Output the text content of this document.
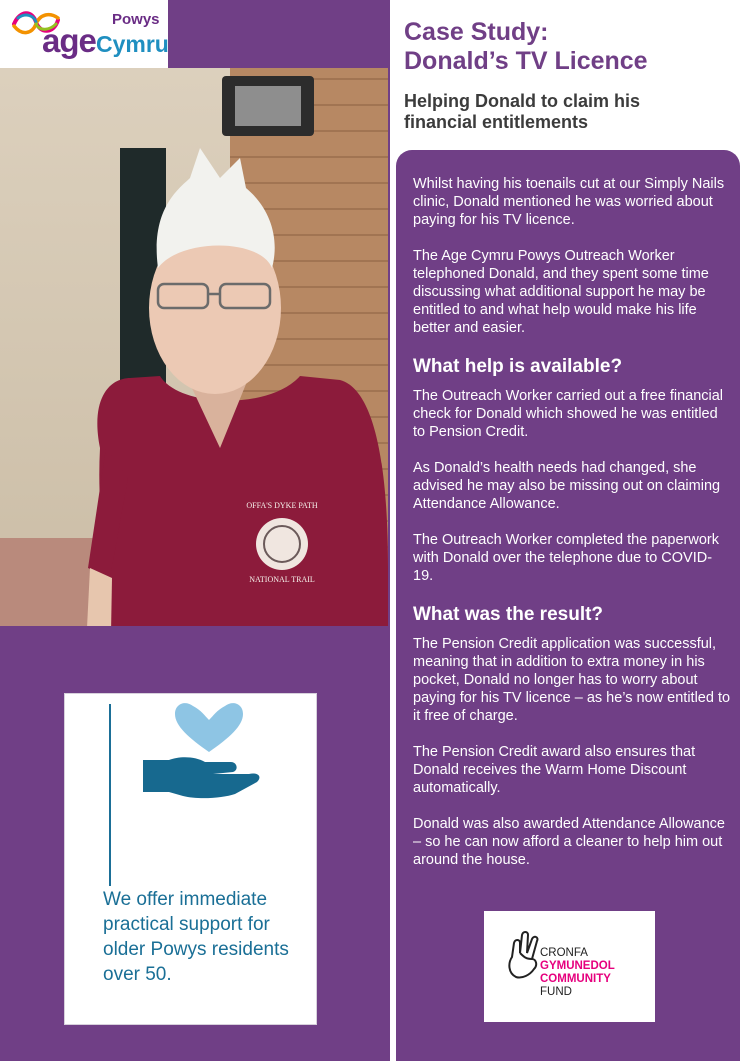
Powys
age Cymru
OFFA'S DYKE PATH
NATIONAL TRAIL
We offer immediate practical support for older Powys residents over 50.
Case Study:
Donald’s TV Licence
Helping Donald to claim his
financial entitlements

Whilst having his toenails cut at our Simply Nails clinic, Donald mentioned he was worried about paying for his TV licence.

The Age Cymru Powys Outreach Worker telephoned Donald, and they spent some time discussing what additional support he may be entitled to and what help would make his life better and easier.

What help is available?

The Outreach Worker carried out a free financial check for Donald which showed he was entitled to Pension Credit.

As Donald’s health needs had changed, she advised he may also be missing out on claiming Attendance Allowance.

The Outreach Worker completed the paperwork with Donald over the telephone due to COVID-19.

What was the result?

The Pension Credit application was successful, meaning that in addition to extra money in his pocket, Donald no longer has to worry about paying for his TV licence – as he’s now entitled to it free of charge.

The Pension Credit award also ensures that Donald receives the Warm Home Discount automatically.

Donald was also awarded Attendance Allowance – so he can now afford a cleaner to help him out around the house.

CRONFA
GYMUNEDOL
COMMUNITY
FUND
